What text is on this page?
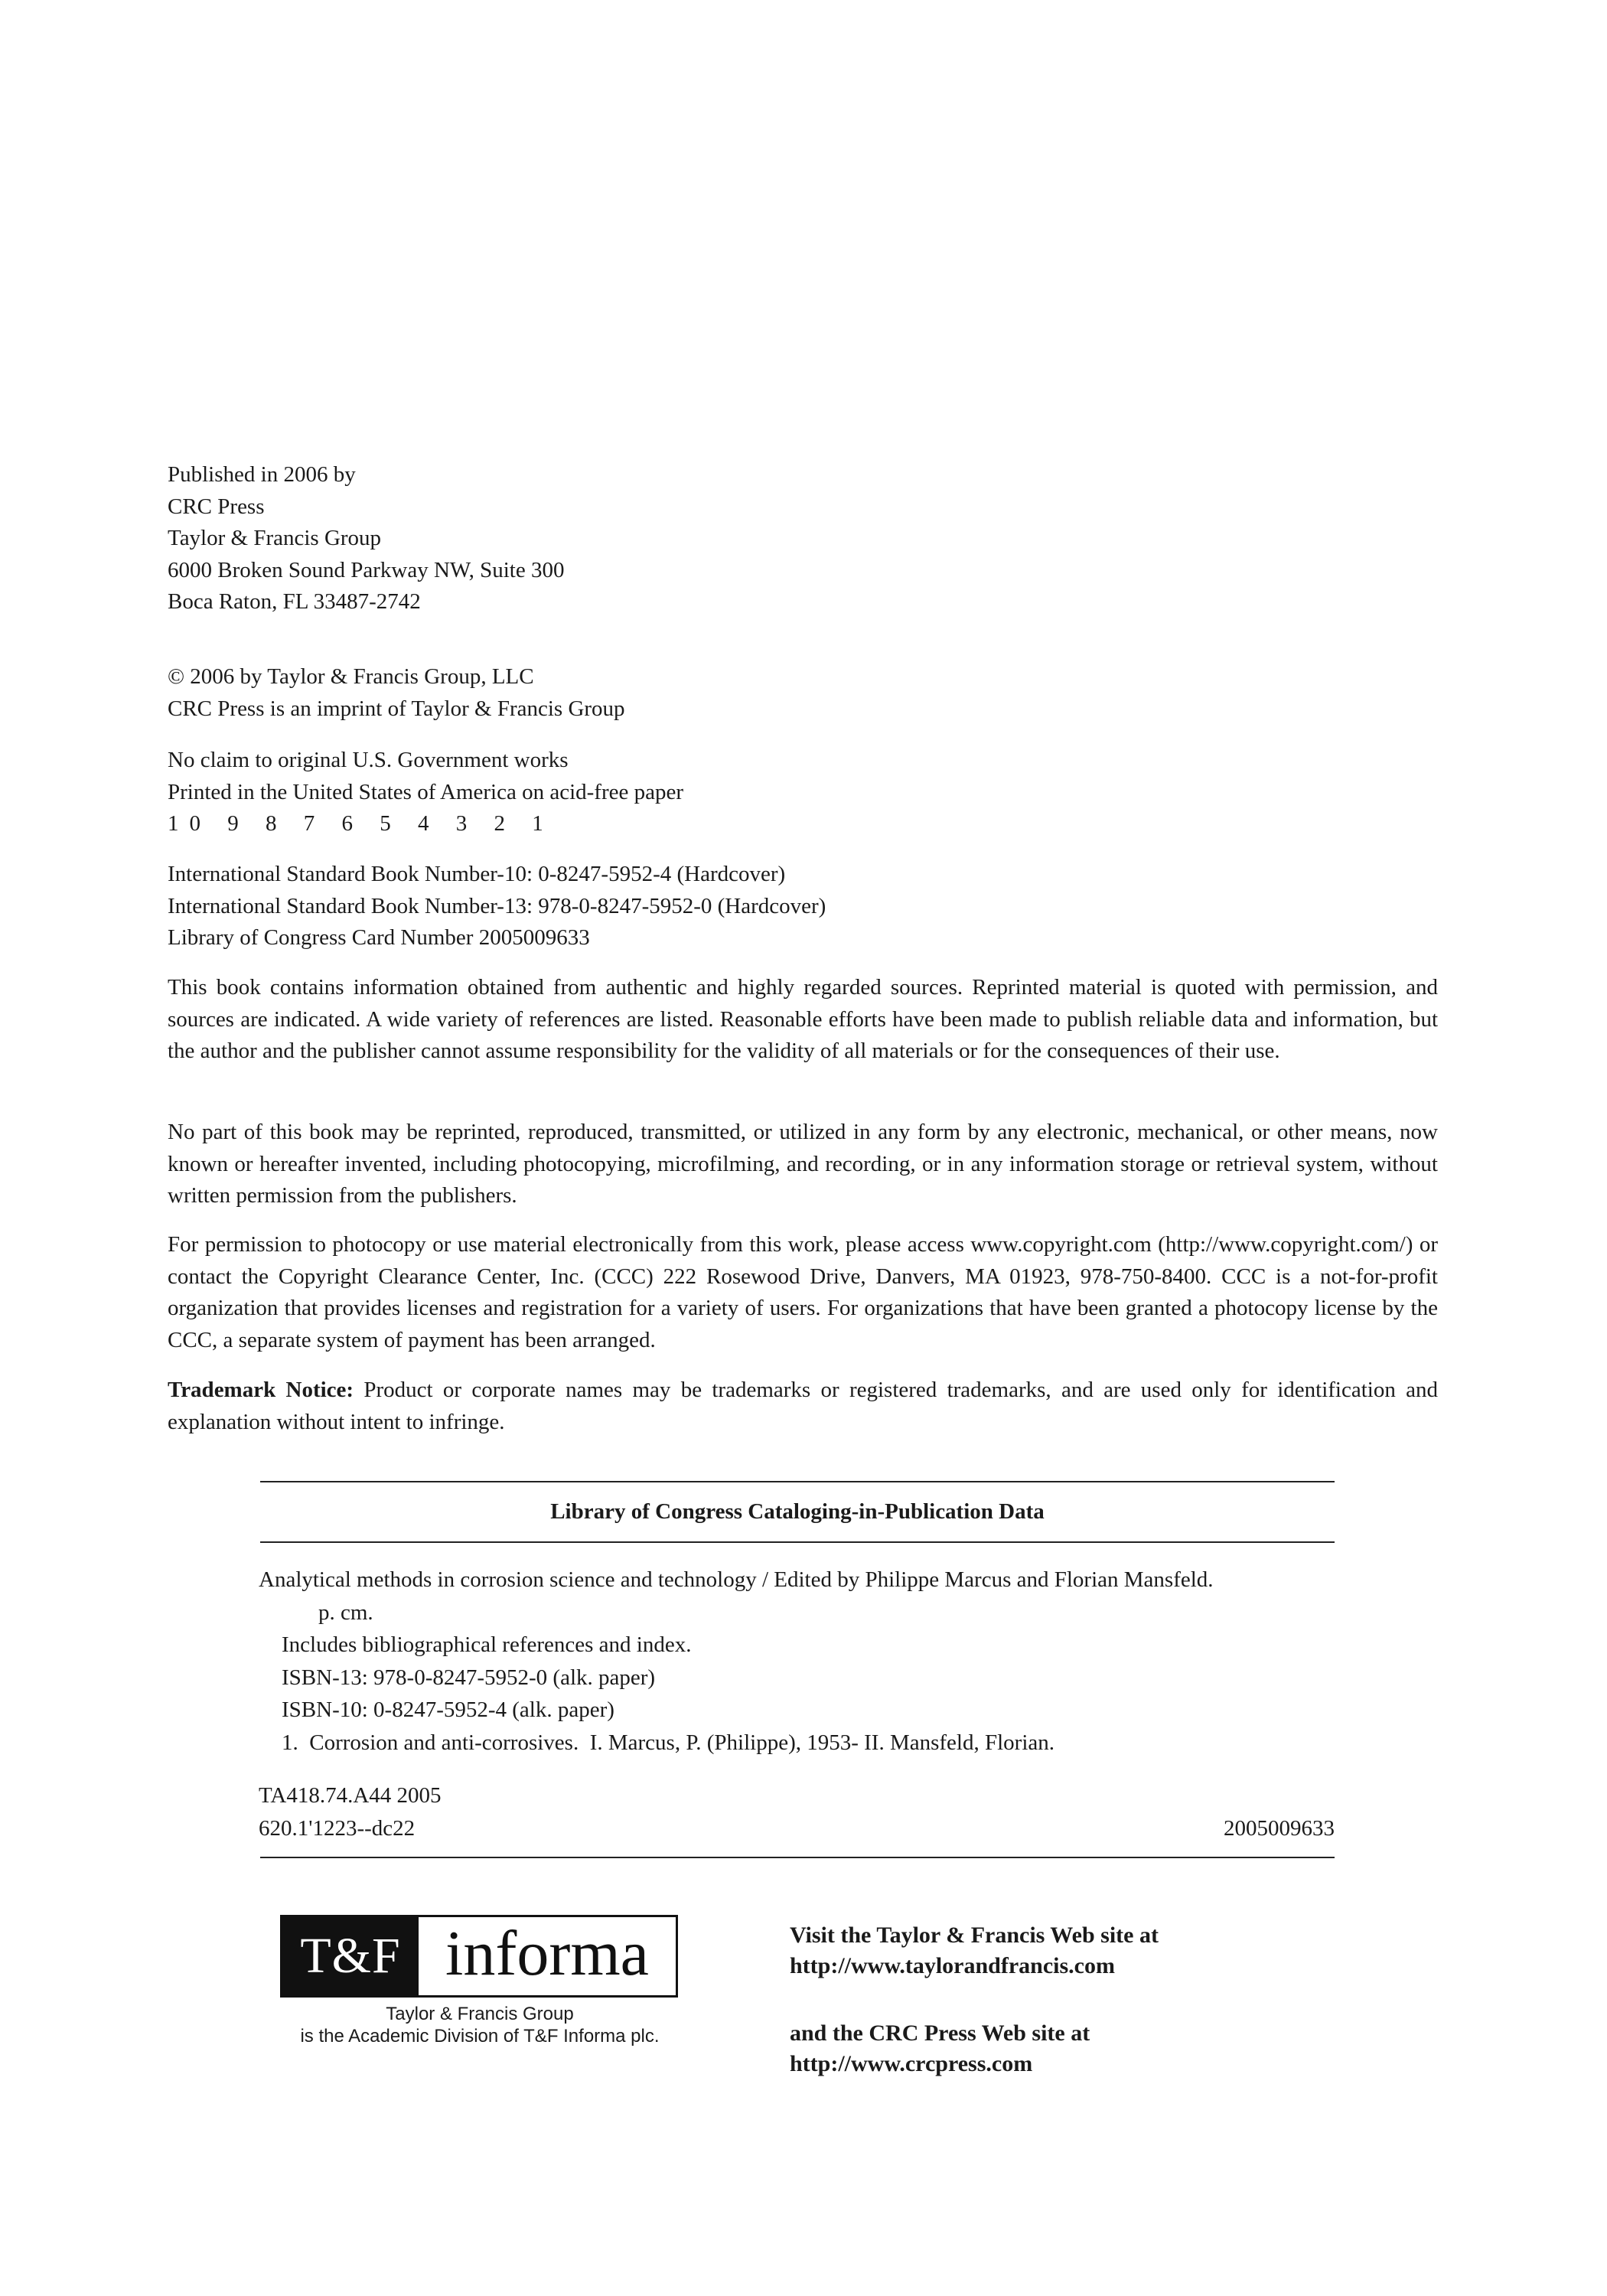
Published in 2006 by
CRC Press
Taylor & Francis Group
6000 Broken Sound Parkway NW, Suite 300
Boca Raton, FL 33487-2742
© 2006 by Taylor & Francis Group, LLC
CRC Press is an imprint of Taylor & Francis Group
No claim to original U.S. Government works
Printed in the United States of America on acid-free paper
10 9 8 7 6 5 4 3 2 1
International Standard Book Number-10: 0-8247-5952-4 (Hardcover)
International Standard Book Number-13: 978-0-8247-5952-0 (Hardcover)
Library of Congress Card Number 2005009633
This book contains information obtained from authentic and highly regarded sources. Reprinted material is quoted with permission, and sources are indicated. A wide variety of references are listed. Reasonable efforts have been made to publish reliable data and information, but the author and the publisher cannot assume responsibility for the validity of all materials or for the consequences of their use.
No part of this book may be reprinted, reproduced, transmitted, or utilized in any form by any electronic, mechanical, or other means, now known or hereafter invented, including photocopying, microfilming, and recording, or in any information storage or retrieval system, without written permission from the publishers.
For permission to photocopy or use material electronically from this work, please access www.copyright.com (http://www.copyright.com/) or contact the Copyright Clearance Center, Inc. (CCC) 222 Rosewood Drive, Danvers, MA 01923, 978-750-8400. CCC is a not-for-profit organization that provides licenses and registration for a variety of users. For organizations that have been granted a photocopy license by the CCC, a separate system of payment has been arranged.
Trademark Notice: Product or corporate names may be trademarks or registered trademarks, and are used only for identification and explanation without intent to infringe.
Library of Congress Cataloging-in-Publication Data
Analytical methods in corrosion science and technology / Edited by Philippe Marcus and Florian Mansfeld.
p. cm.
Includes bibliographical references and index.
ISBN-13: 978-0-8247-5952-0 (alk. paper)
ISBN-10: 0-8247-5952-4 (alk. paper)
1.  Corrosion and anti-corrosives.  I. Marcus, P. (Philippe), 1953- II. Mansfeld, Florian.
TA418.74.A44 2005
620.1'1223--dc22	2005009633
T&F informa
Taylor & Francis Group
is the Academic Division of T&F Informa plc.
Visit the Taylor & Francis Web site at
http://www.taylorandfrancis.com
and the CRC Press Web site at
http://www.crcpress.com
